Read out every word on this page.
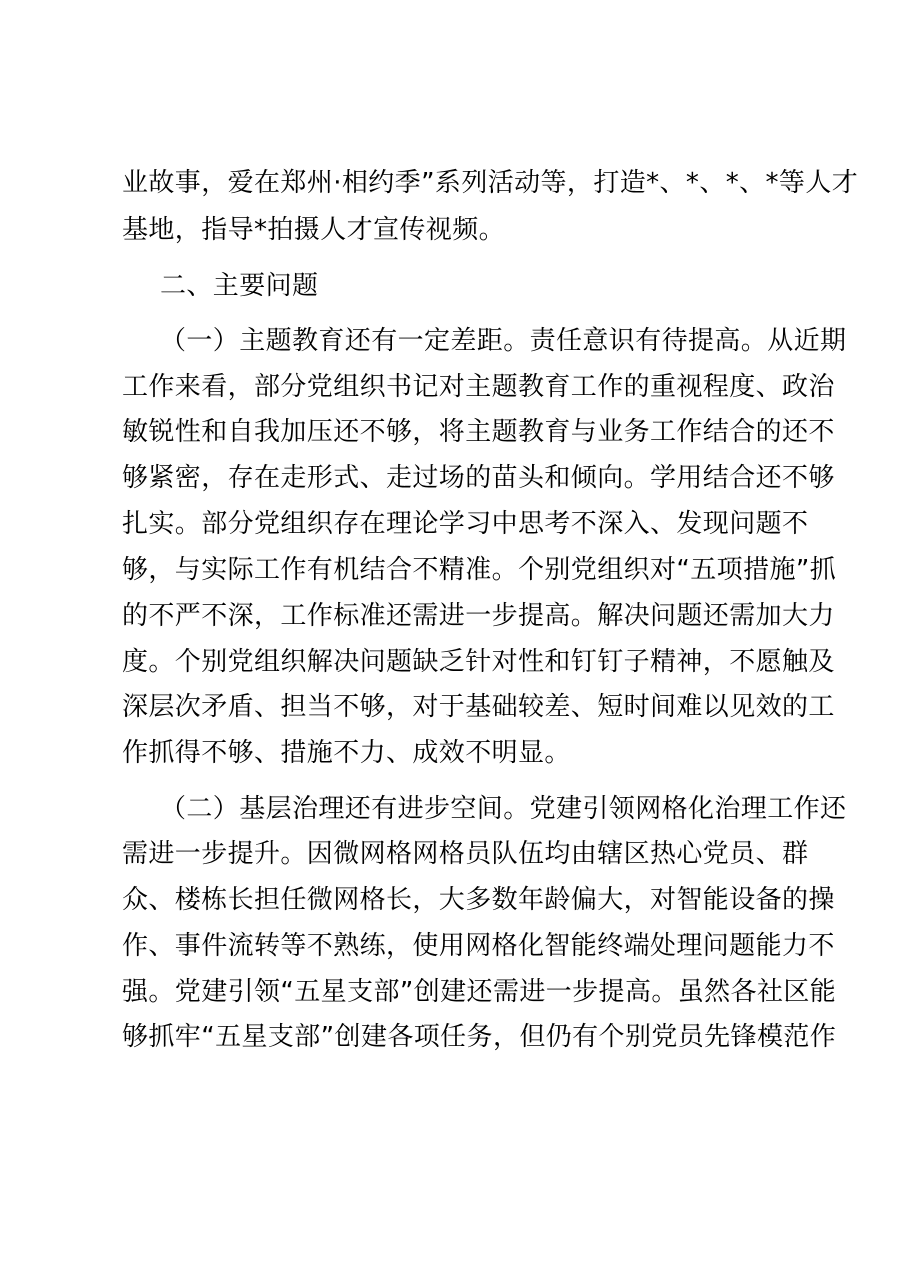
业故事，爱在郑州·相约季”系列活动等，打造*、*、*、*等人才
基地，指导*拍摄人才宣传视频。
二、主要问题
（一）主题教育还有一定差距。责任意识有待提高。从近期
工作来看，部分党组织书记对主题教育工作的重视程度、政治
敏锐性和自我加压还不够，将主题教育与业务工作结合的还不
够紧密，存在走形式、走过场的苗头和倾向。学用结合还不够
扎实。部分党组织存在理论学习中思考不深入、发现问题不
够，与实际工作有机结合不精准。个别党组织对“五项措施”抓
的不严不深，工作标准还需进一步提高。解决问题还需加大力
度。个别党组织解决问题缺乏针对性和钉钉子精神，不愿触及
深层次矛盾、担当不够，对于基础较差、短时间难以见效的工
作抓得不够、措施不力、成效不明显。
（二）基层治理还有进步空间。党建引领网格化治理工作还
需进一步提升。因微网格网格员队伍均由辖区热心党员、群
众、楼栋长担任微网格长，大多数年龄偏大，对智能设备的操
作、事件流转等不熟练，使用网格化智能终端处理问题能力不
强。党建引领“五星支部”创建还需进一步提高。虽然各社区能
够抓牢“五星支部”创建各项任务，但仍有个别党员先锋模范作
